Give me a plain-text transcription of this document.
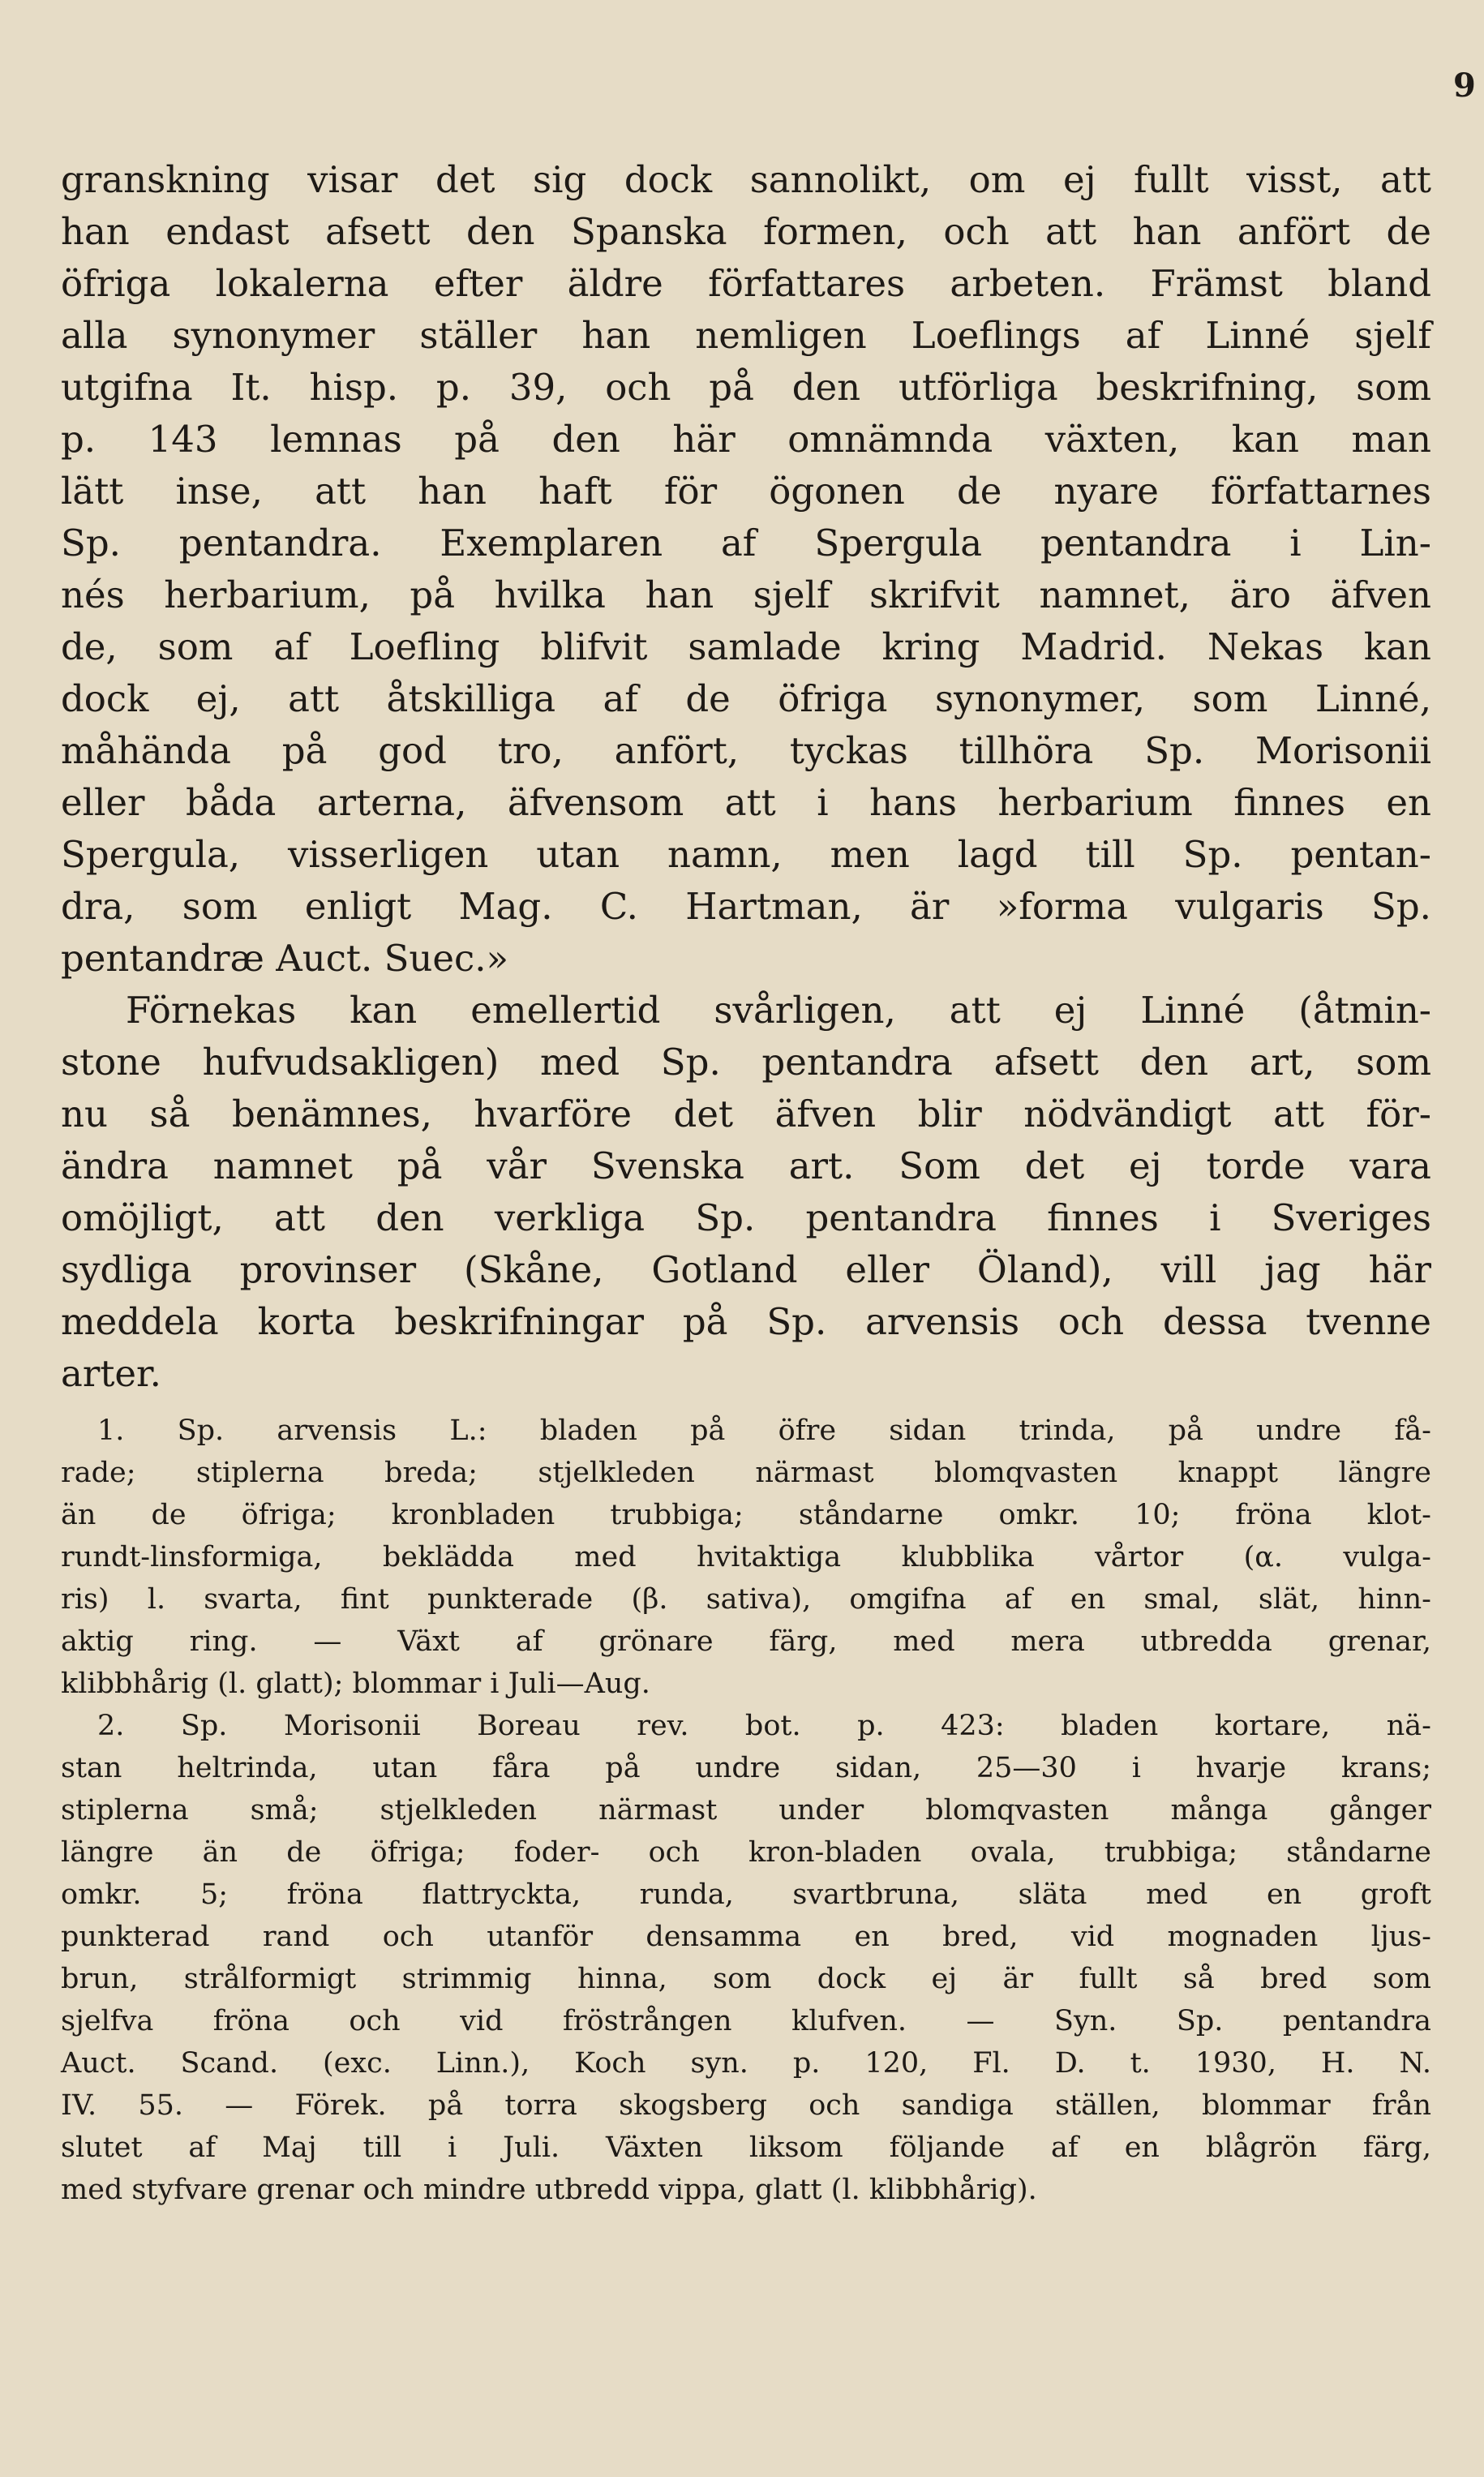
9
granskning visar det sig dock sannolikt, om ej fullt visst, att
han endast afsett den Spanska formen, och att han anfört de
öfriga lokalerna efter äldre författares arbeten. Främst bland
alla synonymer ställer han nemligen Loeflings af Linné sjelf
utgifna It. hisp. p. 39, och på den utförliga beskrifning, som
p. 143 lemnas på den här omnämnda växten, kan man
lätt inse, att han haft för ögonen de nyare författarnes
Sp. pentandra. Exemplaren af Spergula pentandra i Lin-
nés herbarium, på hvilka han sjelf skrifvit namnet, äro äfven
de, som af Loefling blifvit samlade kring Madrid. Nekas kan
dock ej, att åtskilliga af de öfriga synonymer, som Linné,
måhända på god tro, anfört, tyckas tillhöra Sp. Morisonii
eller båda arterna, äfvensom att i hans herbarium finnes en
Spergula, visserligen utan namn, men lagd till Sp. pentan-
dra, som enligt Mag. C. Hartman, är »forma vulgaris Sp.
pentandræ Auct. Suec.»
Förnekas kan emellertid svårligen, att ej Linné (åtmin-
stone hufvudsakligen) med Sp. pentandra afsett den art, som
nu så benämnes, hvarföre det äfven blir nödvändigt att för-
ändra namnet på vår Svenska art. Som det ej torde vara
omöjligt, att den verkliga Sp. pentandra finnes i Sveriges
sydliga provinser (Skåne, Gotland eller Öland), vill jag här
meddela korta beskrifningar på Sp. arvensis och dessa tvenne
arter.
1. Sp. arvensis L.: bladen på öfre sidan trinda, på undre få-
rade; stiplerna breda; stjelkleden närmast blomqvasten knappt längre
än de öfriga; kronbladen trubbiga; ståndarne omkr. 10; fröna klot-
rundt-linsformiga, beklädda med hvitaktiga klubblika vårtor (α. vulga-
ris) l. svarta, fint punkterade (β. sativa), omgifna af en smal, slät, hinn-
aktig ring. — Växt af grönare färg, med mera utbredda grenar,
klibbhårig (l. glatt); blommar i Juli—Aug.
2. Sp. Morisonii Boreau rev. bot. p. 423: bladen kortare, nä-
stan heltrinda, utan fåra på undre sidan, 25—30 i hvarje krans;
stiplerna små; stjelkleden närmast under blomqvasten många gånger
längre än de öfriga; foder- och kron-bladen ovala, trubbiga; ståndarne
omkr. 5; fröna flattryckta, runda, svartbruna, släta med en groft
punkterad rand och utanför densamma en bred, vid mognaden ljus-
brun, strålformigt strimmig hinna, som dock ej är fullt så bred som
sjelfva fröna och vid fröstrången klufven. — Syn. Sp. pentandra
Auct. Scand. (exc. Linn.), Koch syn. p. 120, Fl. D. t. 1930, H. N.
IV. 55. — Förek. på torra skogsberg och sandiga ställen, blommar från
slutet af Maj till i Juli. Växten liksom följande af en blågrön färg,
med styfvare grenar och mindre utbredd vippa, glatt (l. klibbhårig).
